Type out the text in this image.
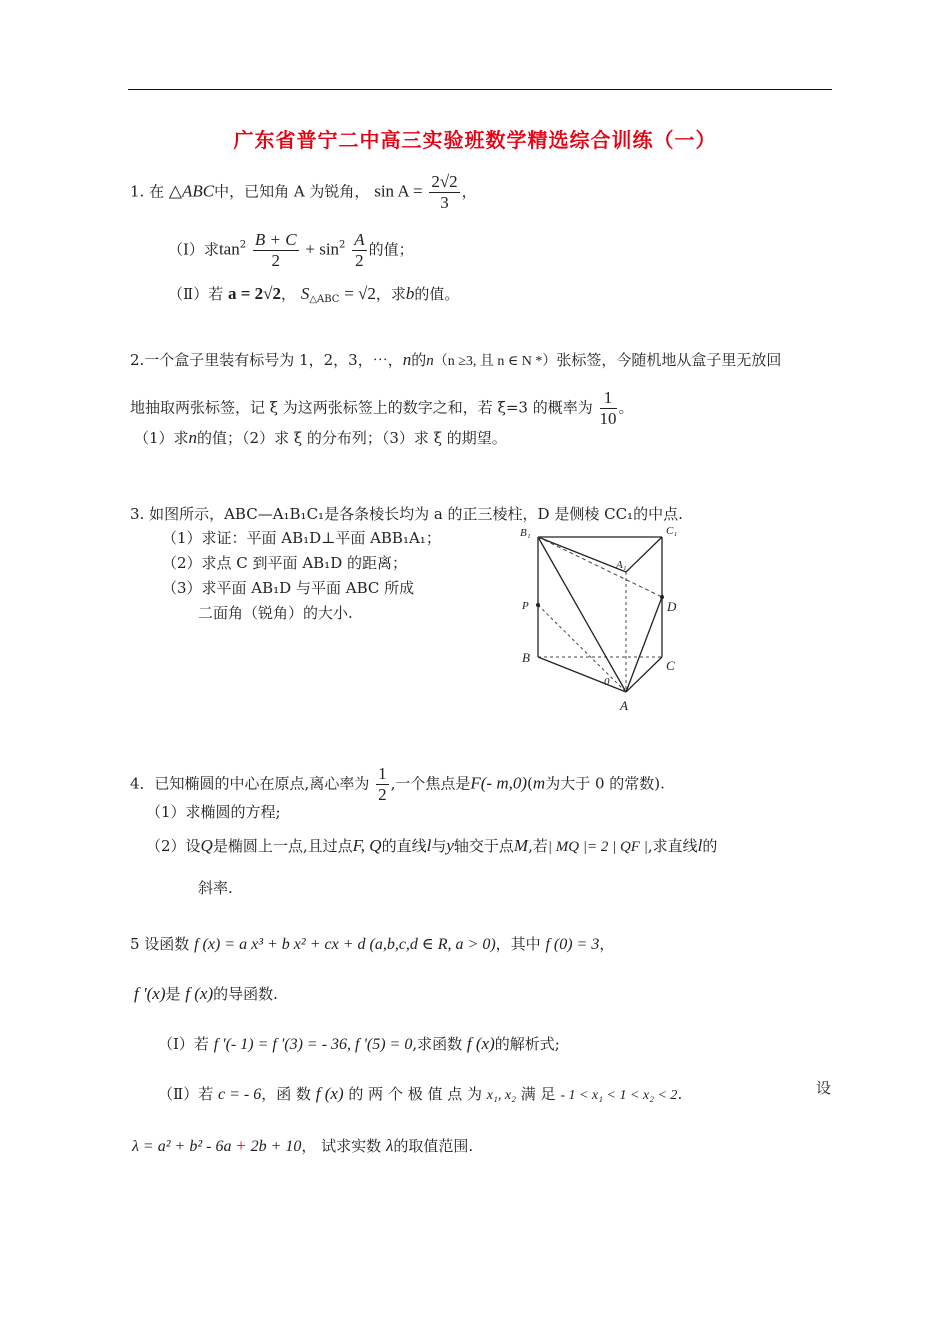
广东省普宁二中高三实验班数学精选综合训练（一）
1. 在 △ABC中，已知角 A 为锐角， $\sin A = \frac{2√2}{3}$ ，
（Ⅰ）求$\tan^2 \frac{B + C}{2} + \sin^2 \frac{A}{2}$ 的值；
（Ⅱ）若 a = 2√2， $S_{\triangle ABC} = √2$，求b的值。
2.一个盒子里装有标号为 1，2，3，⋯，n的n（n ≥3, 且 n ∈ N *）张标签，今随机地从盒子里无放回
地抽取两张标签，记 ξ 为这两张标签上的数字之和，若 ξ=3 的概率为 $\frac{1}{10}$ 。
（1）求n的值；（2）求 ξ 的分布列；（3）求 ξ 的期望。
3. 如图所示，ABC—A₁B₁C₁是各条棱长均为 a 的正三棱柱，D 是侧棱 CC₁的中点.
（1）求证：平面 AB₁D⊥平面 ABB₁A₁；
（2）求点 C 到平面 AB₁D 的距离；
（3）求平面 AB₁D 与平面 ABC 所成
二面角（锐角）的大小.
B₁	C₁
A₁
P	D
B
C
0
A
4．已知椭圆的中心在原点,离心率为 $\frac{1}{2}$ ,一个焦点是F(- m,0)(m为大于 0 的常数).
（1）求椭圆的方程;
（2）设Q是椭圆上一点,且过点F, Q的直线l与y轴交于点M,若| MQ |= 2 | QF |,求直线l的
斜率.
5 设函数 f (x) = a x³ + b x² + cx + d (a,b,c,d ∈ R, a > 0)，其中 f (0) = 3，
f '(x)是 f (x)的导函数.
（Ⅰ）若 f '(- 1) = f '(3) = - 36, f '(5) = 0,求函数 f (x)的解析式;
（Ⅱ）若 c = - 6，函 数 f (x) 的 两 个 极 值 点 为 x₁, x₂ 满 足 - 1 < x₁ < 1 < x₂ < 2.	设
λ = a² + b² - 6a + 2b + 10， 试求实数 λ的取值范围.
